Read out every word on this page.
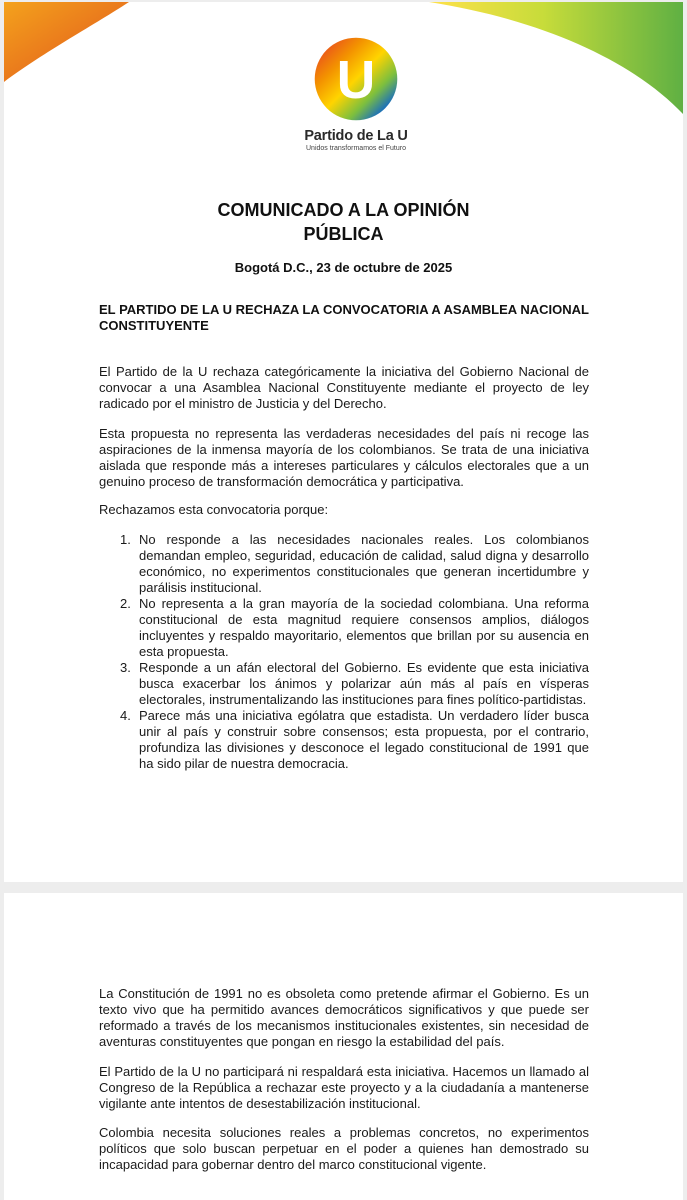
U
Partido de La U
Unidos transformamos el Futuro
COMUNICADO A LA OPINIÓN
PÚBLICA
Bogotá D.C., 23 de octubre de 2025
EL PARTIDO DE LA U RECHAZA LA CONVOCATORIA A ASAMBLEA NACIONAL CONSTITUYENTE

El Partido de la U rechaza categóricamente la iniciativa del Gobierno Nacional de convocar a una Asamblea Nacional Constituyente mediante el proyecto de ley radicado por el ministro de Justicia y del Derecho.

Esta propuesta no representa las verdaderas necesidades del país ni recoge las aspiraciones de la inmensa mayoría de los colombianos. Se trata de una iniciativa aislada que responde más a intereses particulares y cálculos electorales que a un genuino proceso de transformación democrática y participativa.

Rechazamos esta convocatoria porque:

1. No responde a las necesidades nacionales reales. Los colombianos demandan empleo, seguridad, educación de calidad, salud digna y desarrollo económico, no experimentos constitucionales que generan incertidumbre y parálisis institucional.
2. No representa a la gran mayoría de la sociedad colombiana. Una reforma constitucional de esta magnitud requiere consensos amplios, diálogos incluyentes y respaldo mayoritario, elementos que brillan por su ausencia en esta propuesta.
3. Responde a un afán electoral del Gobierno. Es evidente que esta iniciativa busca exacerbar los ánimos y polarizar aún más al país en vísperas electorales, instrumentalizando las instituciones para fines político-partidistas.
4. Parece más una iniciativa ególatra que estadista. Un verdadero líder busca unir al país y construir sobre consensos; esta propuesta, por el contrario, profundiza las divisiones y desconoce el legado constitucional de 1991 que ha sido pilar de nuestra democracia.

La Constitución de 1991 no es obsoleta como pretende afirmar el Gobierno. Es un texto vivo que ha permitido avances democráticos significativos y que puede ser reformado a través de los mecanismos institucionales existentes, sin necesidad de aventuras constituyentes que pongan en riesgo la estabilidad del país.

El Partido de la U no participará ni respaldará esta iniciativa. Hacemos un llamado al Congreso de la República a rechazar este proyecto y a la ciudadanía a mantenerse vigilante ante intentos de desestabilización institucional.

Colombia necesita soluciones reales a problemas concretos, no experimentos políticos que solo buscan perpetuar en el poder a quienes han demostrado su incapacidad para gobernar dentro del marco constitucional vigente.
